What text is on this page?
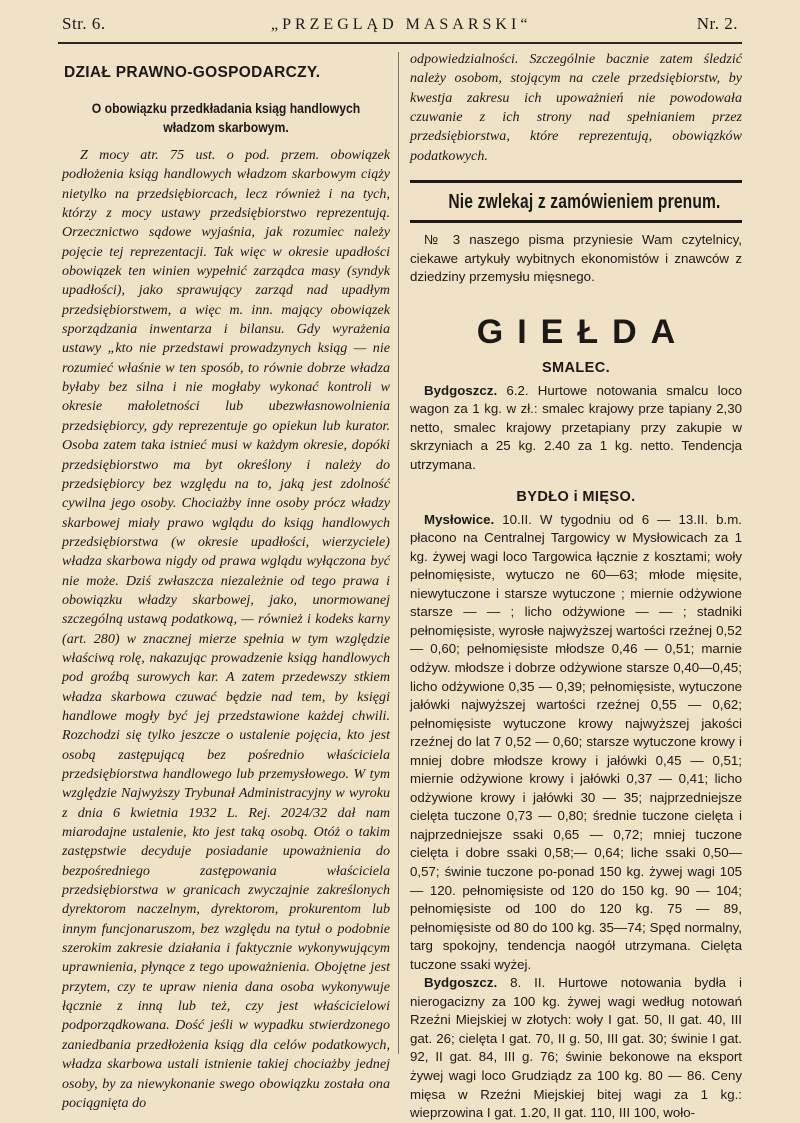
Str. 6.	„PRZEGLĄD MASARSKI“	Nr. 2.
DZIAŁ PRAWNO-GOSPODARCZY.
O obowiązku przedkładania ksiąg handlowych władzom skarbowym.

Z mocy atr. 75 ust. o pod. przem. obowiązek podłożenia ksiąg handlowych władzom skarbowym ciąży nietylko na przedsiębiorcach, lecz również i na tych, którzy z mocy ustawy przedsiębiorstwo reprezentują. Orzecznictwo sądowe wyjaśnia, jak rozumiec należy pojęcie tej reprezentacji. Tak więc w okresie upadłości obowiązek ten winien wypełnić zarządca masy (syndyk upadłości), jako sprawujący zarząd nad upadłym przedsiębiorstwem, a więc m. inn. mający obowiązek sporządzania inwentarza i bilansu. Gdy wyrażenia ustawy „kto nie przedstawi prowadzynych ksiąg — nie rozumieć właśnie w ten sposób, to równie dobrze władza byłaby bez silna i nie mogłaby wykonać kontroli w okresie małoletności lub ubezwłasnowolnienia przedsiębiorcy, gdy reprezentuje go opiekun lub kurator. Osoba zatem taka istnieć musi w każdym okresie, dopóki przedsiębiorstwo ma byt określony i należy do przedsiębiorcy bez względu na to, jaką jest zdolność cywilna jego osoby. Chociażby inne osoby prócz władzy skarbowej miały prawo wglądu do ksiąg handlowych przedsiębiorstwa (w okresie upadłości, wierzyciele) władza skarbowa nigdy od prawa wglądu wyłączona być nie może. Dziś zwłaszcza niezależnie od tego prawa i obowiązku władzy skarbowej, jako, unormowanej szczególną ustawą podatkową, — również i kodeks karny (art. 280) w znacznej mierze spełnia w tym względzie właściwą rolę, nakazując prowadzenie ksiąg handlowych pod groźbą surowych kar. A zatem przedewszy stkiem władza skarbowa czuwać będzie nad tem, by księgi handlowe mogły być jej przedstawione każdej chwili. Rozchodzi się tylko jeszcze o ustalenie pojęcia, kto jest osobą zastępującą bez pośrednio właściciela przedsiębiorstwa handlowego lub przemysłowego. W tym względzie Najwyższy Trybunał Administracyjny w wyroku z dnia 6 kwietnia 1932 L. Rej. 2024/32 dał nam miarodajne ustalenie, kto jest taką osobą. Otóż o takim zastępstwie decyduje posiadanie upoważnienia do bezpośredniego zastępowania właściciela przedsiębiorstwa w granicach zwyczajnie zakreślonych dyrektorom naczelnym, dyrektorom, prokurentom lub innym funcjonaruszom, bez względu na tytuł o podobnie szerokim zakresie działania i faktycznie wykonywującym uprawnienia, płynące z tego upoważnienia. Obojętne jest przytem, czy te upraw nienia dana osoba wykonywuje łącznie z inną lub też, czy jest właścicielowi podporządkowana. Dość jeśli w wypadku stwierdzonego zaniedbania przedłożenia ksiąg dla celów podatkowych, władza skarbowa ustali istnienie takiej chociażby jednej osoby, by za niewykonanie swego obowiązku została ona pociągnięta do

odpowiedzialności. Szczególnie bacznie zatem śledzić należy osobom, stojącym na czele przedsiębiorstw, by kwestja zakresu ich upoważnień nie powodowała czuwanie z ich strony nad spełnianiem przez przedsiębiorstwa, które reprezentują, obowiązków podatkowych.

Nie zwlekaj z zamówieniem prenum.

№ 3 naszego pisma przyniesie Wam czytelnicy, ciekawe artykuły wybitnych ekonomistów i znawców z dziedziny przemysłu mięsnego.

GIEŁDA
SMALEC.

Bydgoszcz. 6.2. Hurtowe notowania smalcu loco wagon za 1 kg. w zł.: smalec krajowy prze tapiany 2,30 netto, smalec krajowy przetapiany przy zakupie w skrzyniach a 25 kg. 2.40 za 1 kg. netto. Tendencja utrzymana.

BYDŁO i MIĘSO.

Mysłowice. 10.II. W tygodniu od 6 — 13.II. b.m. płacono na Centralnej Targowicy w Mysłowicach za 1 kg. żywej wagi loco Targowica łącznie z kosztami; woły pełnomięsiste, wytuczo ne 60—63; młode mięsite, niewytuczone i starsze wytuczone ; miernie odżywione starsze — — ; licho odżywione — — ; stadniki pełnomięsiste, wyrosłe najwyższej wartości rzeźnej 0,52 — 0,60; pełnomięsiste młodsze 0,46 — 0,51; marnie odżyw. młodsze i dobrze odżywione starsze 0,40—0,45; licho odżywione 0,35 — 0,39; pełnomięsiste, wytuczone jałówki najwyższej wartości rzeźnej 0,55 — 0,62; pełnomięsiste wytuczone krowy najwyższej jakości rzeźnej do lat 7 0,52 — 0,60; starsze wytuczone krowy i mniej dobre młodsze krowy i jałówki 0,45 — 0,51; miernie odżywione krowy i jałówki 0,37 — 0,41; licho odżywione krowy i jałówki 30 — 35; najprzedniejsze cielęta tuczone 0,73 — 0,80; średnie tuczone cielęta i najprzedniejsze ssaki 0,65 — 0,72; mniej tuczone cielęta i dobre ssaki 0,58;— 0,64; liche ssaki 0,50—0,57; świnie tuczone po-ponad 150 kg. żywej wagi 105 — 120. pełnomięsiste od 120 do 150 kg. 90 — 104; pełnomięsiste od 100 do 120 kg. 75 — 89, pełnomięsiste od 80 do 100 kg. 35—74; Spęd normalny, targ spokojny, tendencja naogół utrzymana. Cielęta tuczone ssaki wyżej.

Bydgoszcz. 8. II. Hurtowe notowania bydła i nierogacizny za 100 kg. żywej wagi według notowań Rzeźni Miejskiej w złotych: woły I gat. 50, II gat. 40, III gat. 26; cielęta I gat. 70, II g. 50, III gat. 30; świnie I gat. 92, II gat. 84, III g. 76; świnie bekonowe na eksport żywej wagi loco Grudziądz za 100 kg. 80 — 86. Ceny mięsa w Rzeźni Miejskiej bitej wagi za 1 kg.: wieprzowina I gat. 1.20, II gat. 110, III 100, woło-
